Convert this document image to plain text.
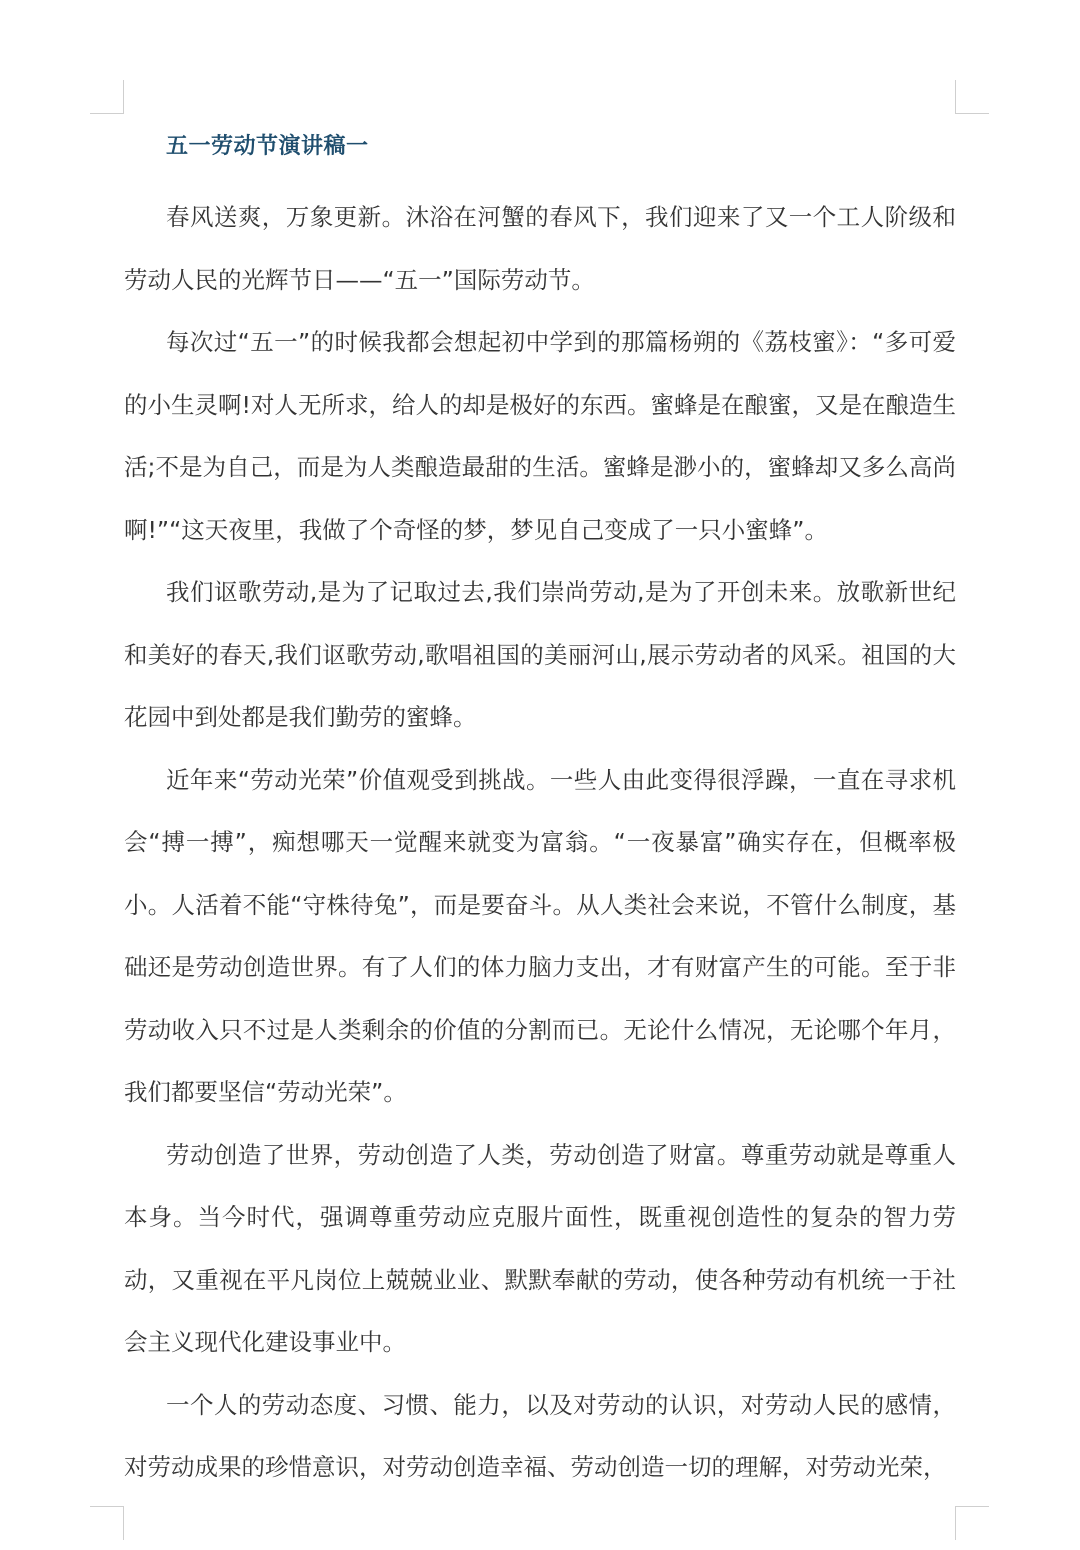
五一劳动节演讲稿一

春风送爽，万象更新。沐浴在河蟹的春风下，我们迎来了又一个工人阶级和劳动人民的光辉节日——“五一”国际劳动节。

每次过“五一”的时候我都会想起初中学到的那篇杨朔的《荔枝蜜》：“多可爱的小生灵啊!对人无所求，给人的却是极好的东西。蜜蜂是在酿蜜，又是在酿造生活;不是为自己，而是为人类酿造最甜的生活。蜜蜂是渺小的，蜜蜂却又多么高尚啊!”“这天夜里，我做了个奇怪的梦，梦见自己变成了一只小蜜蜂”。

我们讴歌劳动,是为了记取过去,我们崇尚劳动,是为了开创未来。放歌新世纪和美好的春天,我们讴歌劳动,歌唱祖国的美丽河山,展示劳动者的风采。祖国的大花园中到处都是我们勤劳的蜜蜂。

近年来“劳动光荣”价值观受到挑战。一些人由此变得很浮躁，一直在寻求机会“搏一搏”，痴想哪天一觉醒来就变为富翁。“一夜暴富”确实存在，但概率极小。人活着不能“守株待兔”，而是要奋斗。从人类社会来说，不管什么制度，基础还是劳动创造世界。有了人们的体力脑力支出，才有财富产生的可能。至于非劳动收入只不过是人类剩余的价值的分割而已。无论什么情况，无论哪个年月，我们都要坚信“劳动光荣”。

劳动创造了世界，劳动创造了人类，劳动创造了财富。尊重劳动就是尊重人本身。当今时代，强调尊重劳动应克服片面性，既重视创造性的复杂的智力劳动，又重视在平凡岗位上兢兢业业、默默奉献的劳动，使各种劳动有机统一于社会主义现代化建设事业中。

一个人的劳动态度、习惯、能力，以及对劳动的认识，对劳动人民的感情，对劳动成果的珍惜意识，对劳动创造幸福、劳动创造一切的理解，对劳动光荣，
